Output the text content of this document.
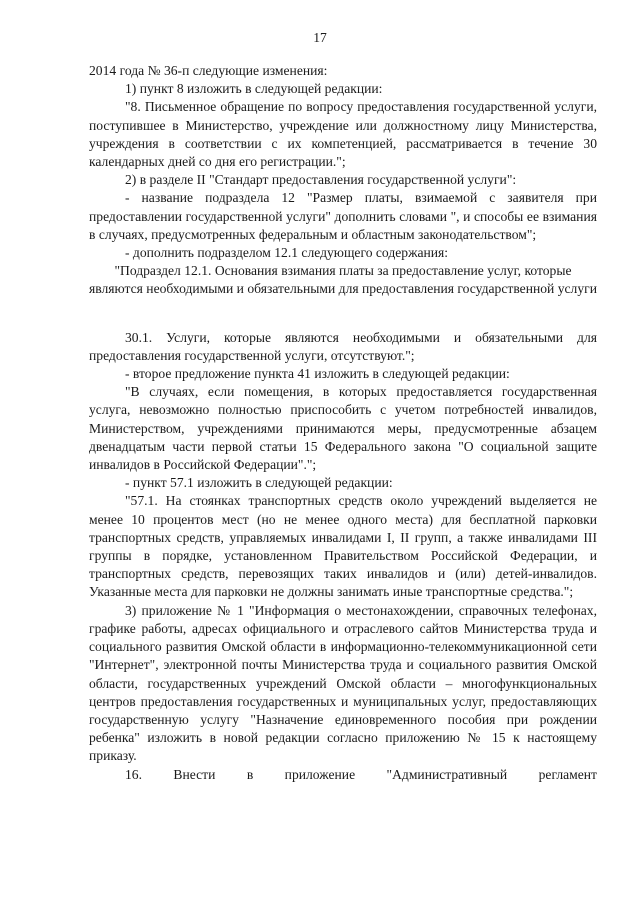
17

2014 года № 36-п следующие изменения:

1) пункт 8 изложить в следующей редакции:

"8. Письменное обращение по вопросу предоставления государственной услуги, поступившее в Министерство, учреждение или должностному лицу Министерства, учреждения в соответствии с их компетенцией, рассматривается в течение 30 календарных дней со дня его регистрации.";

2) в разделе II "Стандарт предоставления государственной услуги":

- название подраздела 12 "Размер платы, взимаемой с заявителя при предоставлении государственной услуги" дополнить словами ", и способы ее взимания в случаях, предусмотренных федеральным и областным законодательством";

- дополнить подразделом 12.1 следующего содержания:

"Подраздел 12.1. Основания взимания платы за предоставление услуг, которые являются необходимыми и обязательными для предоставления государственной услуги

30.1. Услуги, которые являются необходимыми и обязательными для предоставления государственной услуги, отсутствуют.";

- второе предложение пункта 41 изложить в следующей редакции:

"В случаях, если помещения, в которых предоставляется государственная услуга, невозможно полностью приспособить с учетом потребностей инвалидов, Министерством, учреждениями принимаются меры, предусмотренные абзацем двенадцатым части первой статьи 15 Федерального закона "О социальной защите инвалидов в Российской Федерации".";

- пункт 57.1 изложить в следующей редакции:

"57.1. На стоянках транспортных средств около учреждений выделяется не менее 10 процентов мест (но не менее одного места) для бесплатной парковки транспортных средств, управляемых инвалидами I, II групп, а также инвалидами III группы в порядке, установленном Правительством Российской Федерации, и транспортных средств, перевозящих таких инвалидов и (или) детей-инвалидов. Указанные места для парковки не должны занимать иные транспортные средства.";

3) приложение № 1 "Информация о местонахождении, справочных телефонах, графике работы, адресах официального и отраслевого сайтов Министерства труда и социального развития Омской области в информационно-телекоммуникационной сети "Интернет", электронной почты Министерства труда и социального развития Омской области, государственных учреждений Омской области – многофункциональных центров предоставления государственных и муниципальных услуг, предоставляющих государственную услугу "Назначение единовременного пособия при рождении ребенка" изложить в новой редакции согласно приложению № 15 к настоящему приказу.

16. Внести в приложение "Административный регламент
